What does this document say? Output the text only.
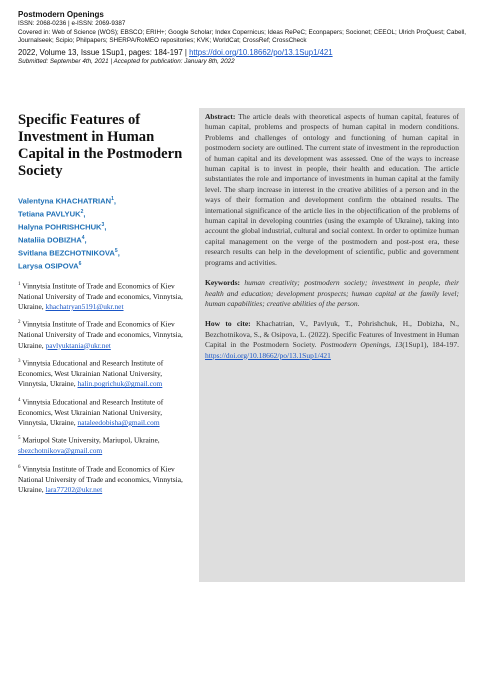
Postmodern Openings
ISSN: 2068-0236 | e-ISSN: 2069-9387
Covered in: Web of Science (WOS); EBSCO; ERIH+; Google Scholar; Index Copernicus; Ideas RePeC; Econpapers; Socionet; CEEOL; Ulrich ProQuest; Cabell, Journalseek; Scipio; Philpapers; SHERPA/RoMEO repositories; KVK; WorldCat; CrossRef; CrossCheck
2022, Volume 13, Issue 1Sup1, pages: 184-197 | https://doi.org/10.18662/po/13.1Sup1/421
Submitted: September 4th, 2021 | Accepted for publication: January 8th, 2022
Specific Features of Investment in Human Capital in the Postmodern Society
Valentyna KHACHATRIAN$^1$,
Tetiana PAVLYUK$^2$,
Halyna POHRISHCHUK$^3$,
Nataliia DOBIZHA$^4$,
Svitlana BEZCHOTNIKOVA$^5$,
Larysa OSIPOVA$^6$
$^1$ Vinnytsia Institute of Trade and Economics of Kiev National University of Trade and economics, Vinnytsia, Ukraine, khachatryan5191@ukr.net
$^2$ Vinnytsia Institute of Trade and Economics of Kiev National University of Trade and economics, Vinnytsia, Ukraine, pavlyuktania@ukr.net
$^3$ Vinnytsia Educational and Research Institute of Economics, West Ukrainian National University, Vinnytsia, Ukraine, halin.pogrichuk@gmail.com
$^4$ Vinnytsia Educational and Research Institute of Economics, West Ukrainian National University, Vinnytsia, Ukraine, nataleedobisha@gmail.com
$^5$ Mariupol State University, Mariupol, Ukraine, sbezchotnikova@gmail.com
$^6$ Vinnytsia Institute of Trade and Economics of Kiev National University of Trade and economics, Vinnytsia, Ukraine, lara77202@ukr.net

Abstract: The article deals with theoretical aspects of human capital, features of human capital, problems and prospects of human capital in modern conditions. Problems and challenges of ontology and functioning of human capital in postmodern society are outlined. The current state of investment in the reproduction of human capital and its development was assessed. One of the ways to increase human capital is to invest in people, their health and education. The article substantiates the role and importance of investments in human capital at the family level. The sharp increase in interest in the creative abilities of a person and in the ways of their formation and development confirm the obtained results. The international significance of the article lies in the objectification of the problems of human capital in developing countries (using the example of Ukraine), taking into account the global industrial, cultural and social context. In order to optimize human capital management on the verge of the postmodern and post-post era, these research results can help in the development of scientific, public and government programs and activities.

Keywords: human creativity; postmodern society; investment in people, their health and education; development prospects; human capital at the family level; human capabilities; creative abilities of the person.

How to cite: Khachatrian, V., Pavlyuk, T., Pohrishchuk, H., Dobizha, N., Bezchotnikova, S., & Osipova, L. (2022). Specific Features of Investment in Human Capital in the Postmodern Society. Postmodern Openings, 13(1Sup1), 184-197. https://doi.org/10.18662/po/13.1Sup1/421
